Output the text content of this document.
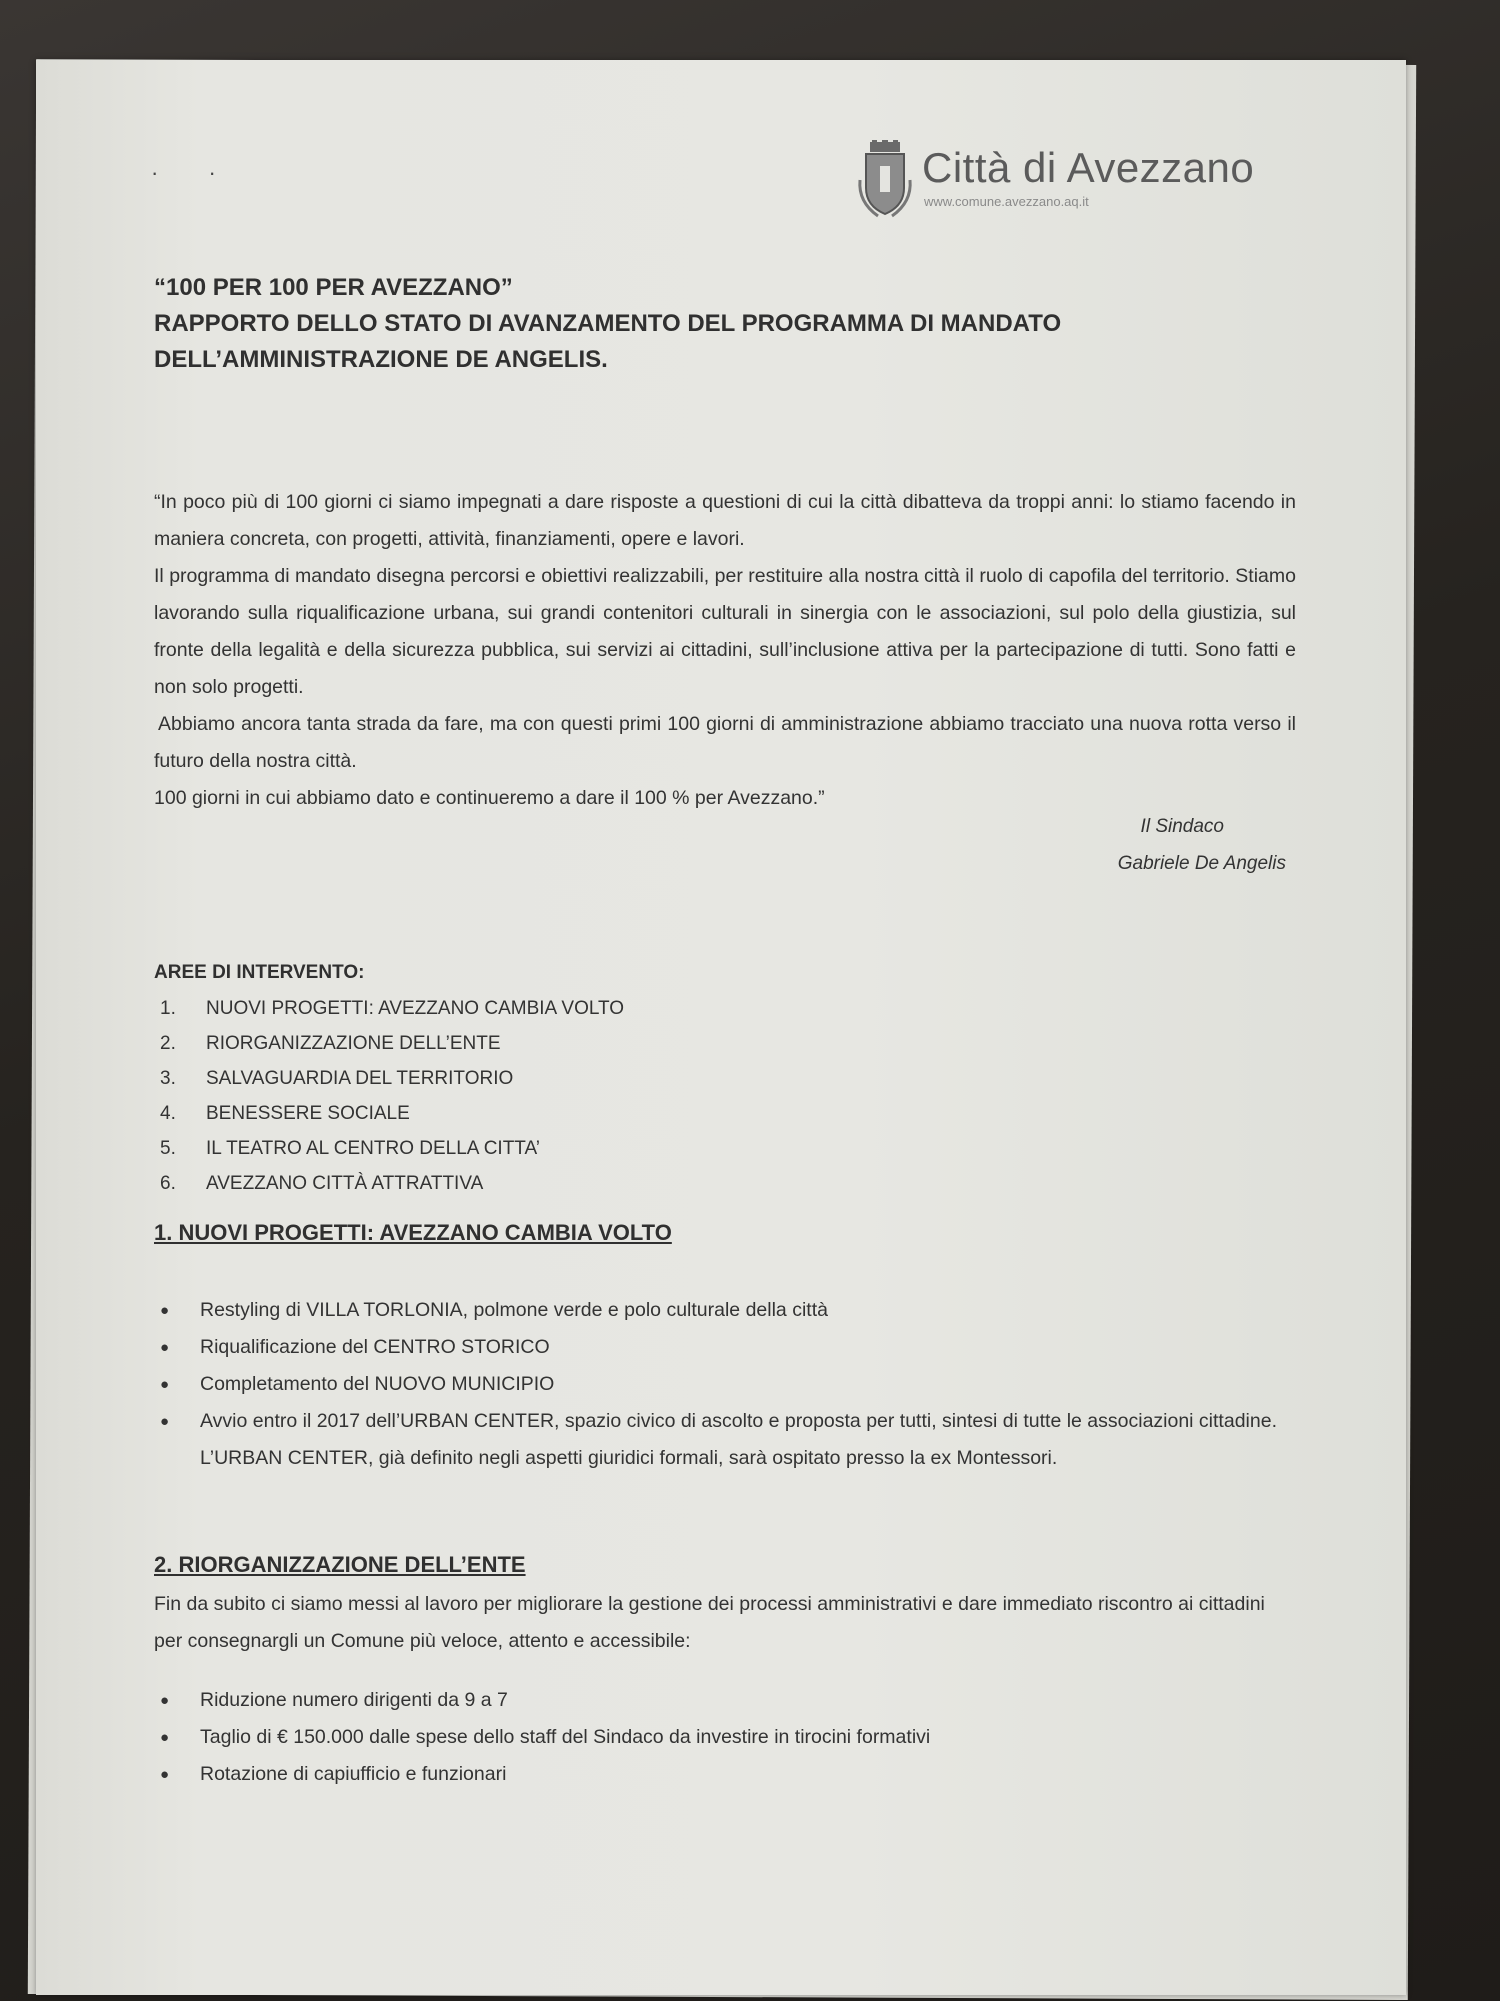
· ·	Città di Avezzano
www.comune.avezzano.aq.it
“100 PER 100 PER AVEZZANO”
RAPPORTO DELLO STATO DI AVANZAMENTO DEL PROGRAMMA DI MANDATO
DELL’AMMINISTRAZIONE DE ANGELIS.

“In poco più di 100 giorni ci siamo impegnati a dare risposte a questioni di cui la città dibatteva da troppi anni: lo stiamo facendo in maniera concreta, con progetti, attività, finanziamenti, opere e lavori.

Il programma di mandato disegna percorsi e obiettivi realizzabili, per restituire alla nostra città il ruolo di capofila del territorio. Stiamo lavorando sulla riqualificazione urbana, sui grandi contenitori culturali in sinergia con le associazioni, sul polo della giustizia, sul fronte della legalità e della sicurezza pubblica, sui servizi ai cittadini, sull’inclusione attiva per la partecipazione di tutti. Sono fatti e non solo progetti.

Abbiamo ancora tanta strada da fare, ma con questi primi 100 giorni di amministrazione abbiamo tracciato una nuova rotta verso il futuro della nostra città.

100 giorni in cui abbiamo dato e continueremo a dare il 100 % per Avezzano.”

Il Sindaco
Gabriele De Angelis
AREE DI INTERVENTO:
1.	NUOVI PROGETTI: AVEZZANO CAMBIA VOLTO
2.	RIORGANIZZAZIONE DELL’ENTE
3.	SALVAGUARDIA DEL TERRITORIO
4.	BENESSERE SOCIALE
5.	IL TEATRO AL CENTRO DELLA CITTA’
6.	AVEZZANO CITTÀ ATTRATTIVA
1. NUOVI PROGETTI: AVEZZANO CAMBIA VOLTO
●	Restyling di VILLA TORLONIA, polmone verde e polo culturale della città
●	Riqualificazione del CENTRO STORICO
●	Completamento del NUOVO MUNICIPIO
●	Avvio entro il 2017 dell’URBAN CENTER, spazio civico di ascolto e proposta per tutti, sintesi di tutte le associazioni cittadine. L’URBAN CENTER, già definito negli aspetti giuridici formali, sarà ospitato presso la ex Montessori.
2. RIORGANIZZAZIONE DELL’ENTE
Fin da subito ci siamo messi al lavoro per migliorare la gestione dei processi amministrativi e dare immediato riscontro ai cittadini per consegnargli un Comune più veloce, attento e accessibile:
●	Riduzione numero dirigenti da 9 a 7
●	Taglio di € 150.000 dalle spese dello staff del Sindaco da investire in tirocini formativi
●	Rotazione di capiufficio e funzionari
